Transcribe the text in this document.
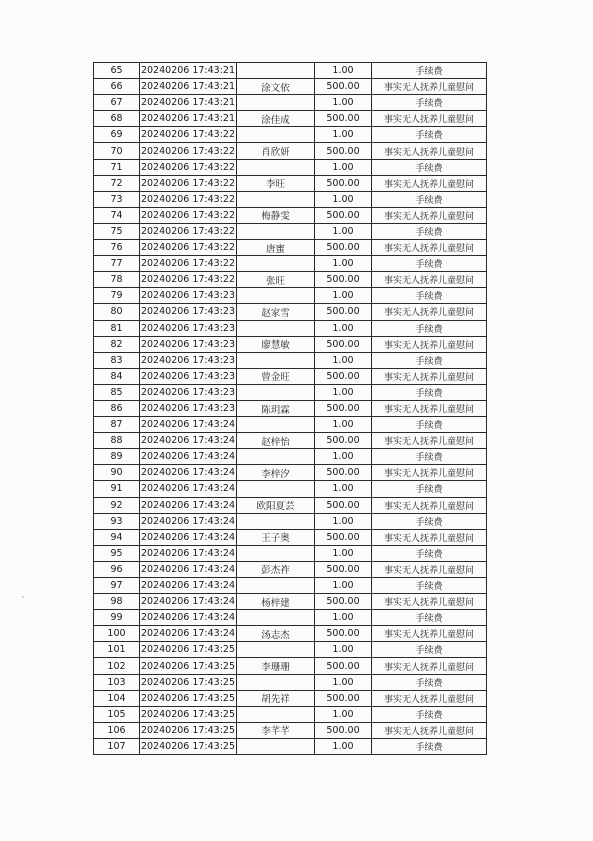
65	20240206 17:43:21		1.00	手续费
66	20240206 17:43:21	涂文依	500.00	事实无人抚养儿童慰问
67	20240206 17:43:21		1.00	手续费
68	20240206 17:43:21	涂佳成	500.00	事实无人抚养儿童慰问
69	20240206 17:43:22		1.00	手续费
70	20240206 17:43:22	肖欣妍	500.00	事实无人抚养儿童慰问
71	20240206 17:43:22		1.00	手续费
72	20240206 17:43:22	李旺	500.00	事实无人抚养儿童慰问
73	20240206 17:43:22		1.00	手续费
74	20240206 17:43:22	梅静雯	500.00	事实无人抚养儿童慰问
75	20240206 17:43:22		1.00	手续费
76	20240206 17:43:22	唐蜜	500.00	事实无人抚养儿童慰问
77	20240206 17:43:22		1.00	手续费
78	20240206 17:43:22	张旺	500.00	事实无人抚养儿童慰问
79	20240206 17:43:23		1.00	手续费
80	20240206 17:43:23	赵家雪	500.00	事实无人抚养儿童慰问
81	20240206 17:43:23		1.00	手续费
82	20240206 17:43:23	廖慧敏	500.00	事实无人抚养儿童慰问
83	20240206 17:43:23		1.00	手续费
84	20240206 17:43:23	曾金旺	500.00	事实无人抚养儿童慰问
85	20240206 17:43:23		1.00	手续费
86	20240206 17:43:23	陈玥霖	500.00	事实无人抚养儿童慰问
87	20240206 17:43:24		1.00	手续费
88	20240206 17:43:24	赵梓怡	500.00	事实无人抚养儿童慰问
89	20240206 17:43:24		1.00	手续费
90	20240206 17:43:24	李梓汐	500.00	事实无人抚养儿童慰问
91	20240206 17:43:24		1.00	手续费
92	20240206 17:43:24	欧阳夏芸	500.00	事实无人抚养儿童慰问
93	20240206 17:43:24		1.00	手续费
94	20240206 17:43:24	王子奥	500.00	事实无人抚养儿童慰问
95	20240206 17:43:24		1.00	手续费
96	20240206 17:43:24	彭杰祚	500.00	事实无人抚养儿童慰问
97	20240206 17:43:24		1.00	手续费
98	20240206 17:43:24	杨梓建	500.00	事实无人抚养儿童慰问
99	20240206 17:43:24		1.00	手续费
100	20240206 17:43:24	汤志杰	500.00	事实无人抚养儿童慰问
101	20240206 17:43:25		1.00	手续费
102	20240206 17:43:25	李珊珊	500.00	事实无人抚养儿童慰问
103	20240206 17:43:25		1.00	手续费
104	20240206 17:43:25	胡先祥	500.00	事实无人抚养儿童慰问
105	20240206 17:43:25		1.00	手续费
106	20240206 17:43:25	李芊芊	500.00	事实无人抚养儿童慰问
107	20240206 17:43:25		1.00	手续费
